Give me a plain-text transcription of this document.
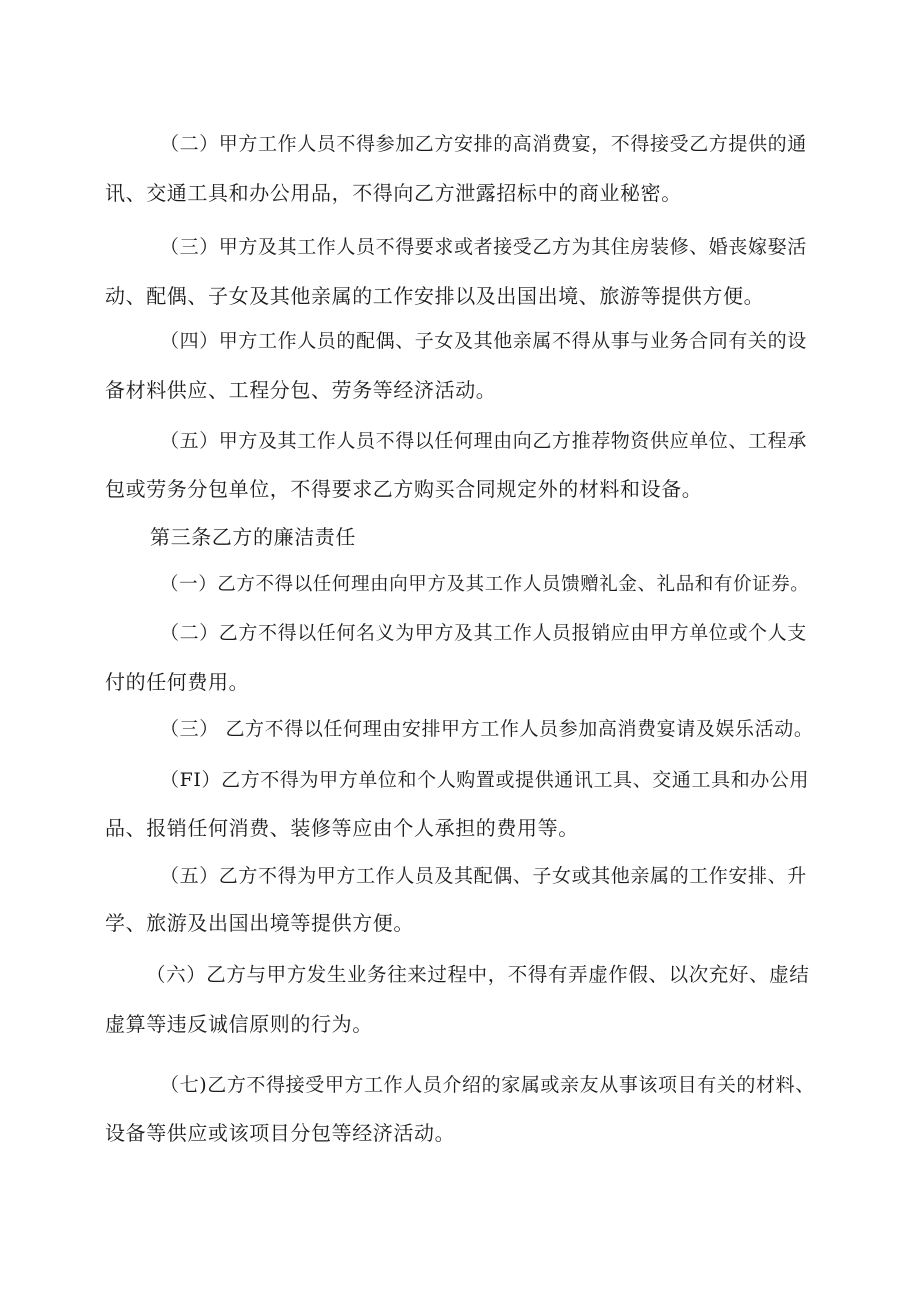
（二）甲方工作人员不得参加乙方安排的高消费宴，不得接受乙方提供的通
讯、交通工具和办公用品，不得向乙方泄露招标中的商业秘密。
（三）甲方及其工作人员不得要求或者接受乙方为其住房装修、婚丧嫁娶活
动、配偶、子女及其他亲属的工作安排以及出国出境、旅游等提供方便。
（四）甲方工作人员的配偶、子女及其他亲属不得从事与业务合同有关的设
备材料供应、工程分包、劳务等经济活动。
（五）甲方及其工作人员不得以任何理由向乙方推荐物资供应单位、工程承
包或劳务分包单位，不得要求乙方购买合同规定外的材料和设备。
第三条乙方的廉洁责任
（一）乙方不得以任何理由向甲方及其工作人员馈赠礼金、礼品和有价证券。
（二）乙方不得以任何名义为甲方及其工作人员报销应由甲方单位或个人支
付的任何费用。
（三） 乙方不得以任何理由安排甲方工作人员参加高消费宴请及娱乐活动。
（FI）乙方不得为甲方单位和个人购置或提供通讯工具、交通工具和办公用
品、报销任何消费、装修等应由个人承担的费用等。
（五）乙方不得为甲方工作人员及其配偶、子女或其他亲属的工作安排、升
学、旅游及出国出境等提供方便。
（六）乙方与甲方发生业务往来过程中，不得有弄虚作假、以次充好、虚结
虚算等违反诚信原则的行为。
（七)乙方不得接受甲方工作人员介绍的家属或亲友从事该项目有关的材料、
设备等供应或该项目分包等经济活动。
